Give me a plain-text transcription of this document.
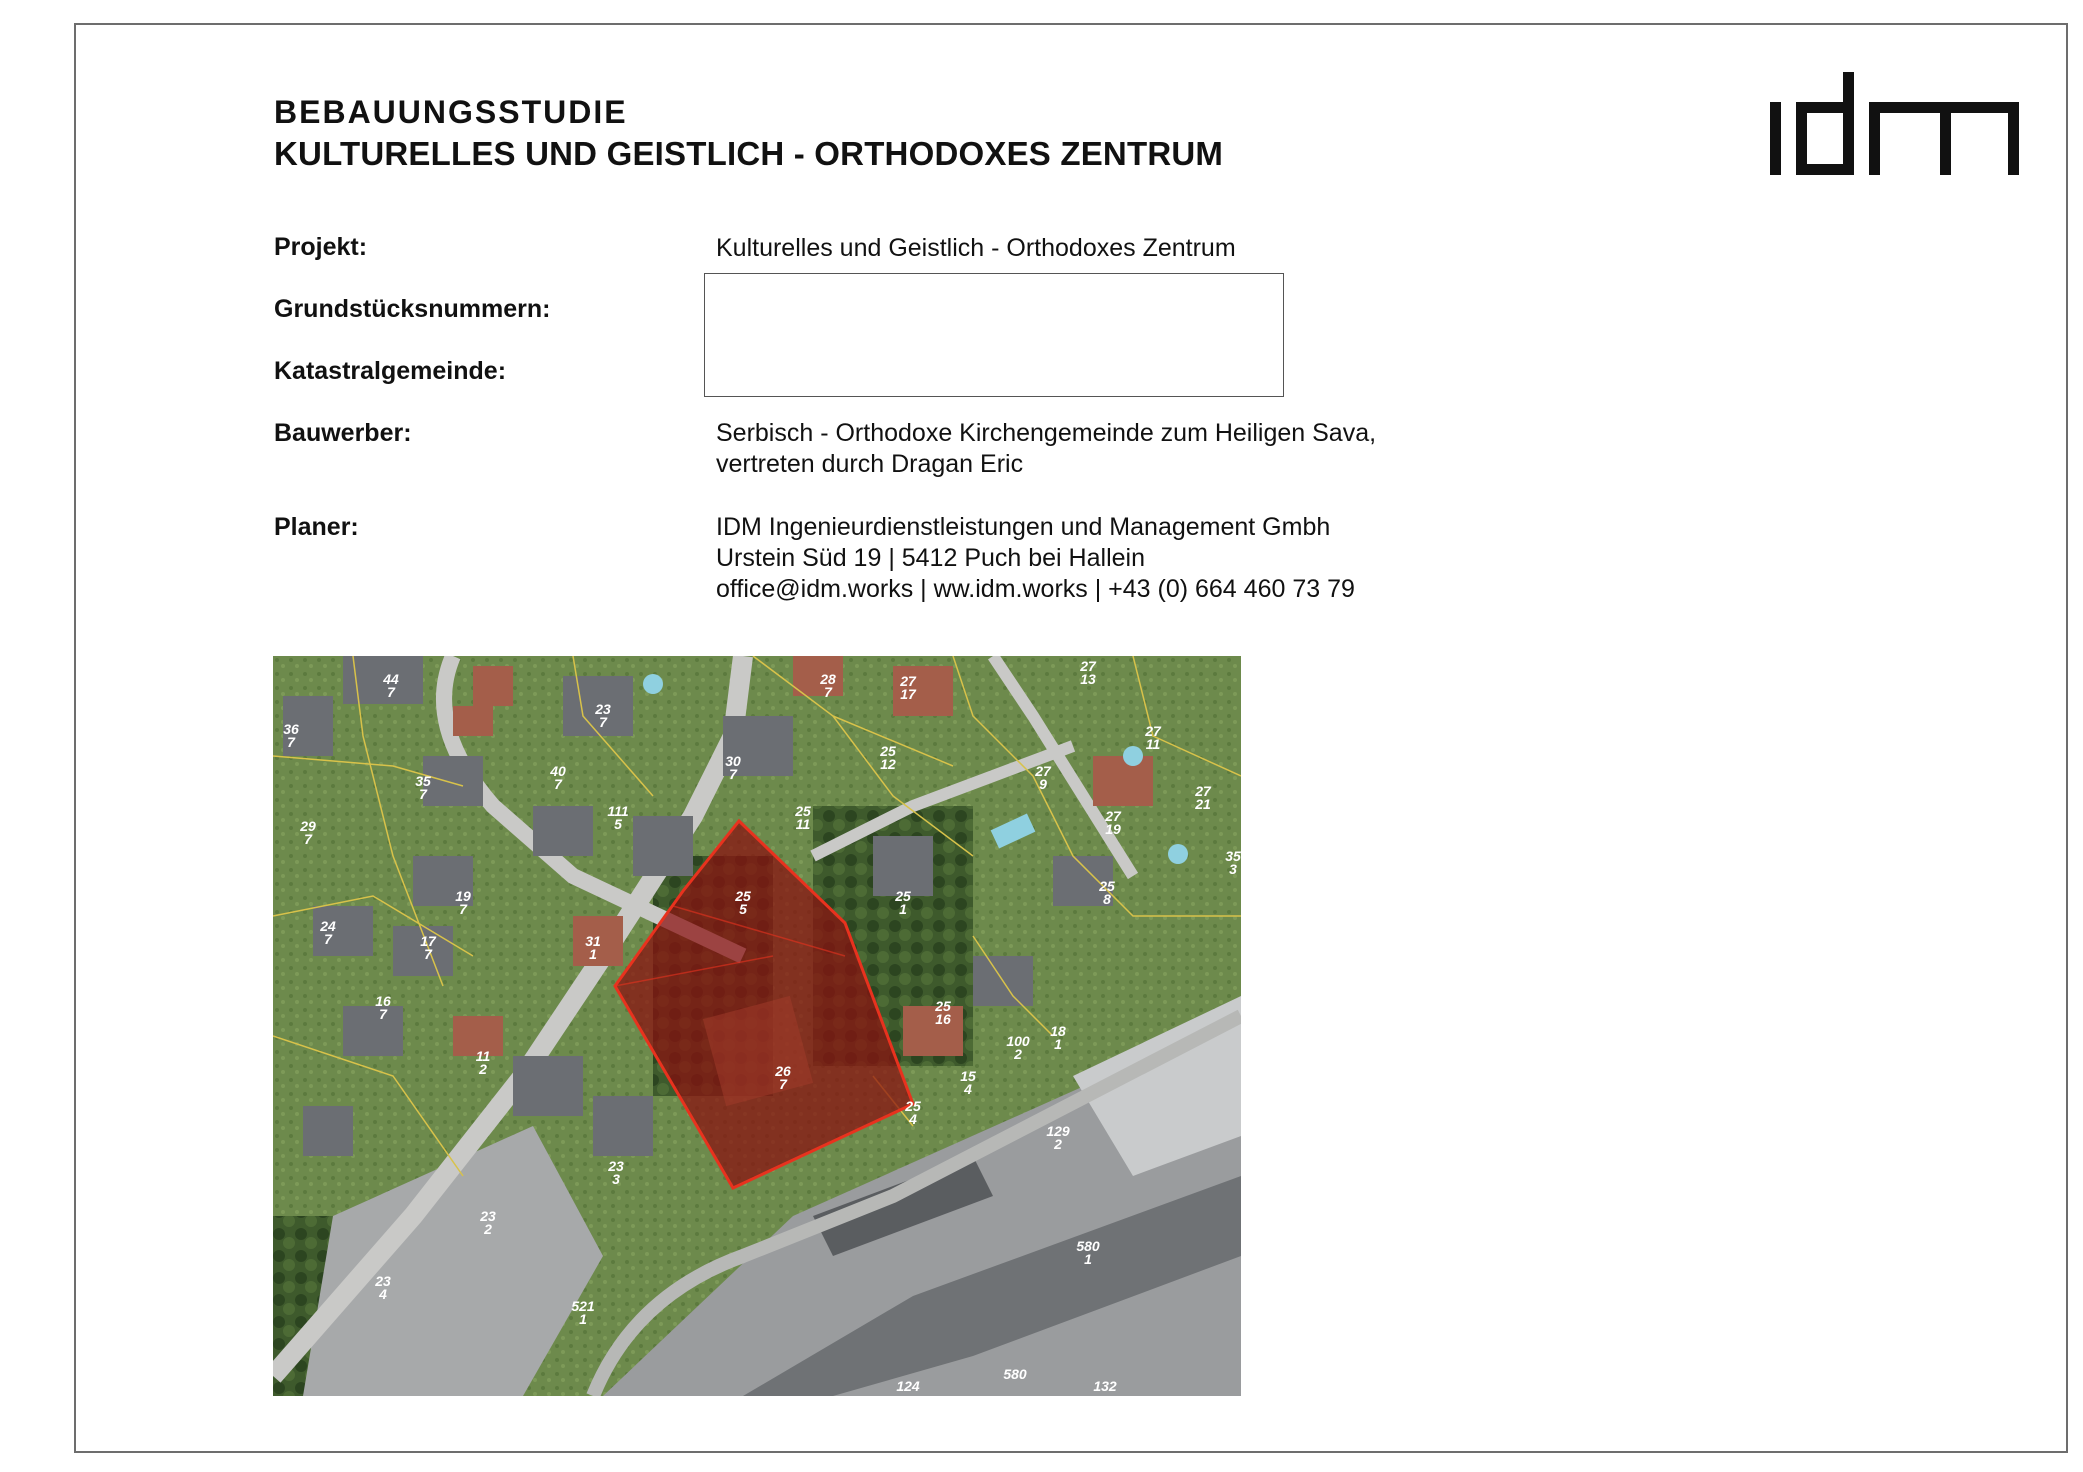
BEBAUUNGSSTUDIE
KULTURELLES UND GEISTLICH - ORTHODOXES ZENTRUM
Projekt:	Kulturelles und Geistlich - Orthodoxes Zentrum
Grundstücksnummern:
Katastralgemeinde:
Bauwerber:	Serbisch - Orthodoxe Kirchengemeinde zum Heiligen Sava,
vertreten durch Dragan Eric
Planer:	IDM Ingenieurdienstleistungen und Management Gmbh
Urstein Süd 19 | 5412 Puch bei Hallein
office@idm.works | ww.idm.works | +43 (0) 664 460 73 79
25 5
25 11
25 1
26 7
25 4
27 13
30 7
111 5
100 2
129 2
580 1
521 1
23 2
23 4
11 2
31 1
23 3
25 16
15 4
16 7
24 7	17 7
19 7
29 7
35 7
40 7
44 7
36 7
23 7
27 17
25 12	27 9
28 7
27 19
27 11
27 21
35 3
25 8
18 1
124	132
580
